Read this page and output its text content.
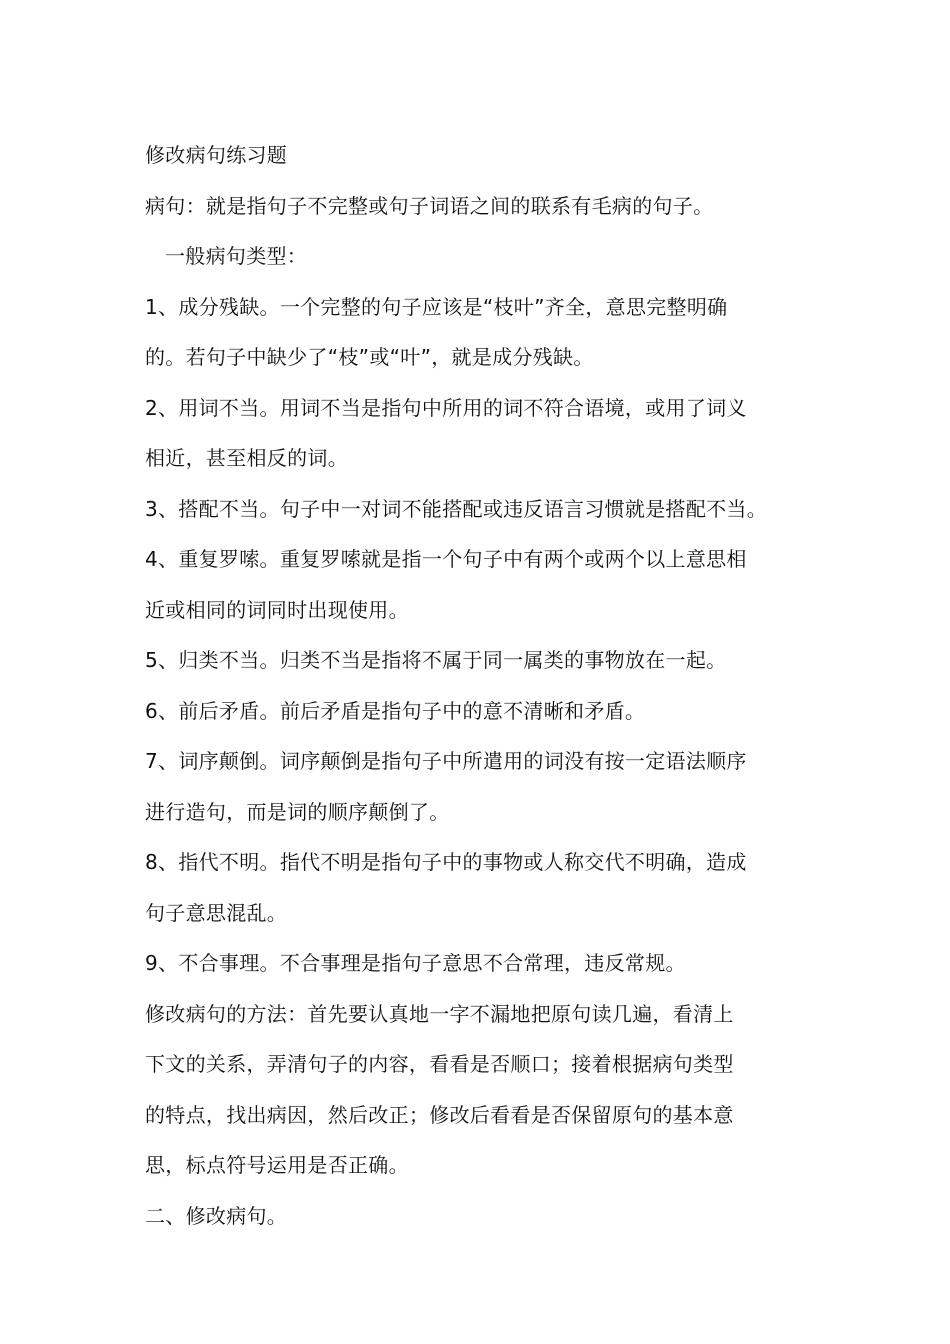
修改病句练习题
病句：就是指句子不完整或句子词语之间的联系有毛病的句子。
一般病句类型：
1、成分残缺。一个完整的句子应该是“枝叶”齐全，意思完整明确
的。若句子中缺少了“枝”或“叶”，就是成分残缺。
2、用词不当。用词不当是指句中所用的词不符合语境，或用了词义
相近，甚至相反的词。
3、搭配不当。句子中一对词不能搭配或违反语言习惯就是搭配不当。
4、重复罗嗦。重复罗嗦就是指一个句子中有两个或两个以上意思相
近或相同的词同时出现使用。
5、归类不当。归类不当是指将不属于同一属类的事物放在一起。
6、前后矛盾。前后矛盾是指句子中的意不清晰和矛盾。
7、词序颠倒。词序颠倒是指句子中所遣用的词没有按一定语法顺序
进行造句，而是词的顺序颠倒了。
8、指代不明。指代不明是指句子中的事物或人称交代不明确，造成
句子意思混乱。
9、不合事理。不合事理是指句子意思不合常理，违反常规。
修改病句的方法：首先要认真地一字不漏地把原句读几遍，看清上
下文的关系，弄清句子的内容，看看是否顺口；接着根据病句类型
的特点，找出病因，然后改正；修改后看看是否保留原句的基本意
思，标点符号运用是否正确。
二、修改病句。
